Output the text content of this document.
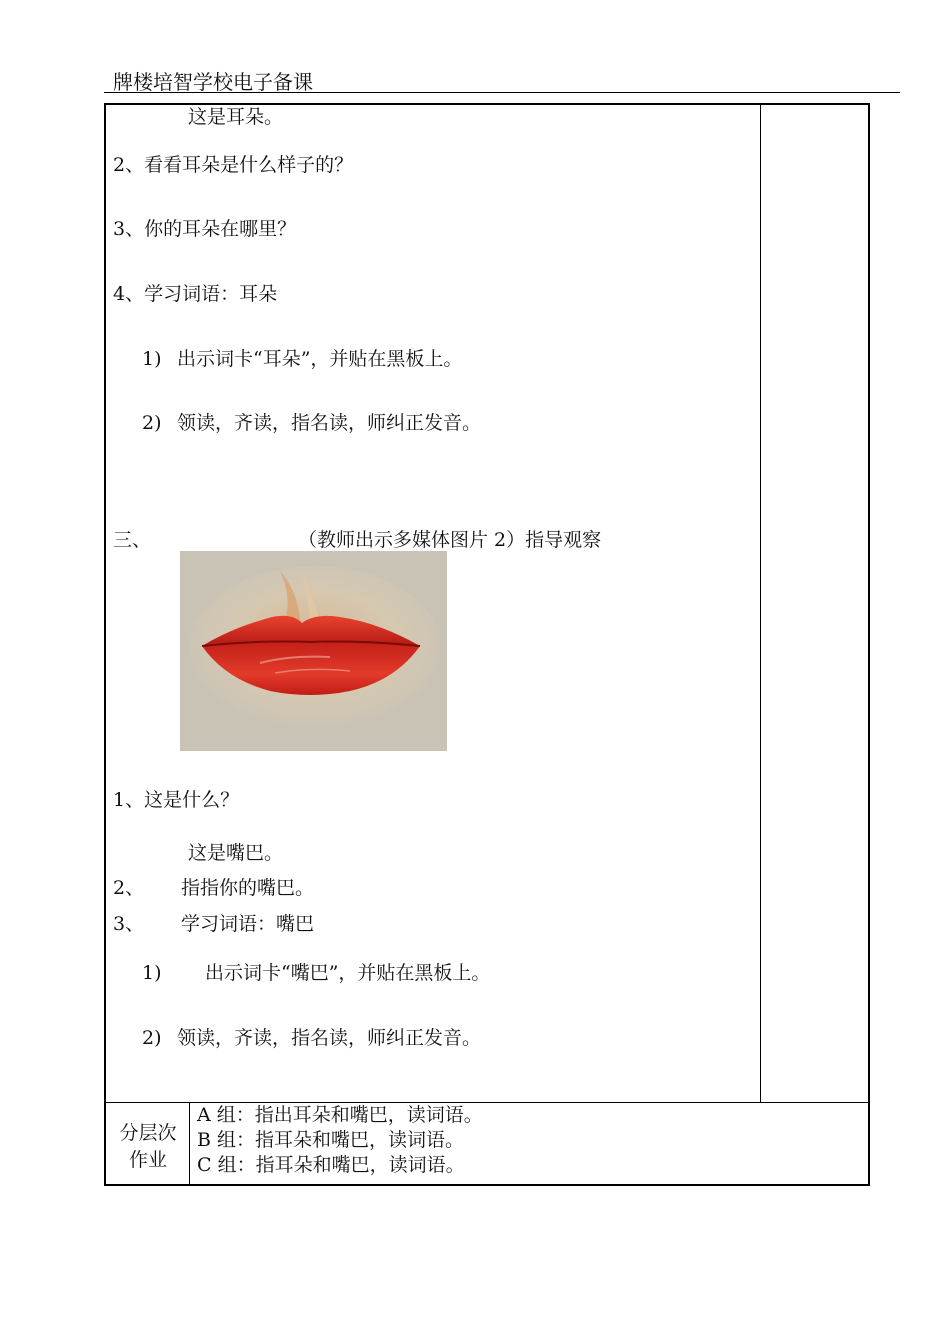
牌楼培智学校电子备课
这是耳朵。
2、看看耳朵是什么样子的？
3、你的耳朵在哪里？
4、学习词语：耳朵
1) 出示词卡“耳朵”，并贴在黑板上。
2) 领读，齐读，指名读，师纠正发音。
三、	（教师出示多媒体图片 2）指导观察
1、这是什么？
这是嘴巴。
2、 指指你的嘴巴。
3、 学习词语：嘴巴
1) 出示词卡“嘴巴”，并贴在黑板上。
2) 领读，齐读，指名读，师纠正发音。
分层次
作业
A 组：指出耳朵和嘴巴，读词语。
B 组：指耳朵和嘴巴，读词语。
C 组：指耳朵和嘴巴，读词语。
